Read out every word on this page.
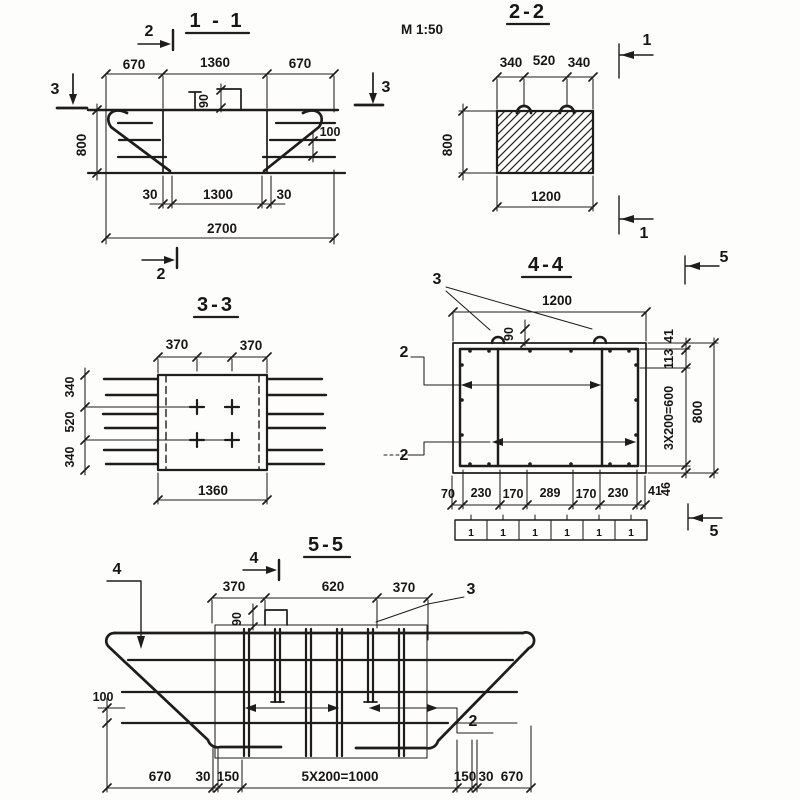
1 - 1
2
2
3	3
670	1360	670
90
800
100
30	1300	30
2700
М 1:50
2-2
1
1
340 520 340
800
1200
3-3
370	370
340
520
340
1360
4-4
3
2
2
1200
90	41
113
3X200=600
46
800
70 230 170 289 170 230 41
1 1 1 1 1 1
5
5
5-5
4
4
2
3
370	620	370
90
100
670 30 150	5X200=1000	150 30 670
